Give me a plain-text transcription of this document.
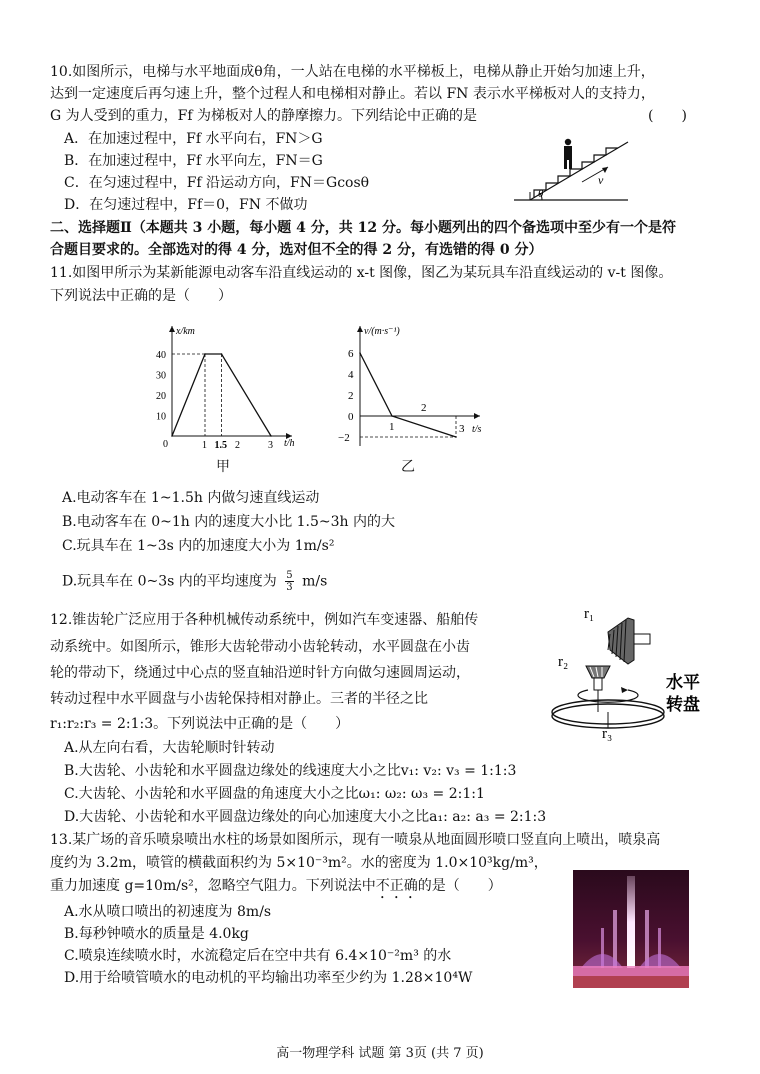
10.如图所示，电梯与水平地面成θ角，一人站在电梯的水平梯板上，电梯从静止开始匀加速上升，
达到一定速度后再匀速上升，整个过程人和电梯相对静止。若以 FN 表示水平梯板对人的支持力，
G 为人受到的重力，Ff 为梯板对人的静摩擦力。下列结论中正确的是	(　　)
A．在加速过程中，Ff 水平向右，FN＞G
B．在加速过程中，Ff 水平向左，FN＝G
C．在匀速过程中，Ff 沿运动方向，FN＝Gcosθ
D．在匀速过程中，Ff＝0，FN 不做功
θ
v
二、选择题Ⅱ（本题共 3 小题，每小题 4 分，共 12 分。每小题列出的四个备选项中至少有一个是符
合题目要求的。全部选对的得 4 分，选对但不全的得 2 分，有选错的得 0 分）
11.如图甲所示为某新能源电动客车沿直线运动的 x-t 图像，图乙为某玩具车沿直线运动的 v-t 图像。
下列说法中正确的是（　　）
x/km
t/h
0
10
20
30
40
1 1.5 2	3
v/(m·s⁻¹)
t/s
6
4
2
0
−2
1
2
3
甲	乙
A.电动客车在 1~1.5h 内做匀速直线运动
B.电动客车在 0~1h 内的速度大小比 1.5~3h 内的大
C.玩具车在 1~3s 内的加速度大小为 1m/s²
D.玩具车在 0~3s 内的平均速度为 $\frac{5}{3} m/s$
12.锥齿轮广泛应用于各种机械传动系统中，例如汽车变速器、船舶传
动系统中。如图所示，锥形大齿轮带动小齿轮转动，水平圆盘在小齿
轮的带动下，绕通过中心点的竖直轴沿逆时针方向做匀速圆周运动，
转动过程中水平圆盘与小齿轮保持相对静止。三者的半径之比
r₁:r₂:r₃ = 2:1:3。下列说法中正确的是（　　）
A.从左向右看，大齿轮顺时针转动
B.大齿轮、小齿轮和水平圆盘边缘处的线速度大小之比v₁: v₂: v₃ = 1:1:3
C.大齿轮、小齿轮和水平圆盘的角速度大小之比ω₁: ω₂: ω₃ = 2:1:1
D.大齿轮、小齿轮和水平圆盘边缘处的向心加速度大小之比a₁: a₂: a₃ = 2:1:3
r₁
r₂
r₃
水平
转盘
13.某广场的音乐喷泉喷出水柱的场景如图所示，现有一喷泉从地面圆形喷口竖直向上喷出，喷泉高
度约为 3.2m，喷管的横截面积约为 5×10⁻³m²。水的密度为 1.0×10³kg/m³，
重力加速度 g=10m/s²，忽略空气阻力。下列说法中不正确的是（　　）
A.水从喷口喷出的初速度为 8m/s
B.每秒钟喷水的质量是 4.0kg
C.喷泉连续喷水时，水流稳定后在空中共有 6.4×10⁻²m³ 的水
D.用于给喷管喷水的电动机的平均输出功率至少约为 1.28×10⁴W
高一物理学科 试题 第 3页 (共 7 页)
